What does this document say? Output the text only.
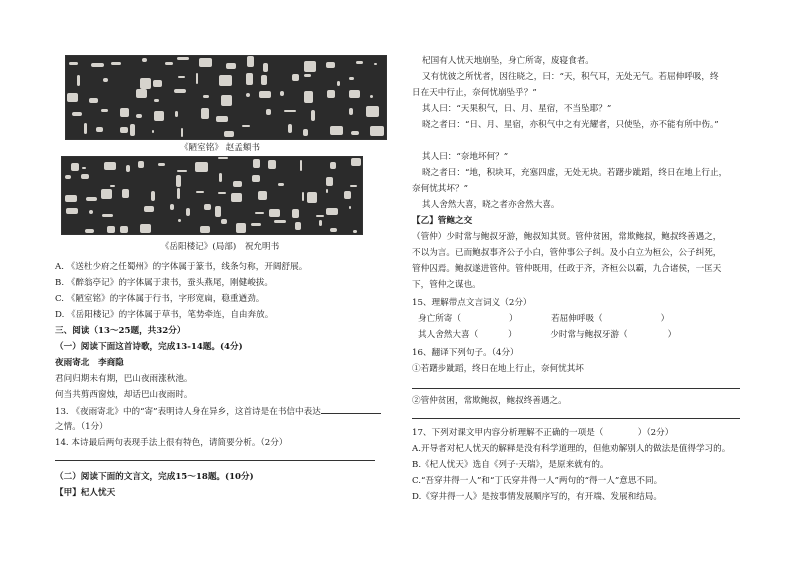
《陋室铭》 赵孟頫书
《岳阳楼记》(局部)　祝允明书
A. 《送杜少府之任蜀州》的字体属于篆书，线条匀称，开阔舒展。
B. 《醉翁亭记》的字体属于隶书，蚕头燕尾，刚健峻拔。
C. 《陋室铭》的字体属于行书，字形宽扁，稳重遒劲。
D. 《岳阳楼记》的字体属于草书，笔势牵连，自由奔放。
三、阅读（13～25题，共32分）
（一）阅读下面这首诗歌，完成13-14题。(4分)
夜雨寄北　李商隐
君问归期未有期，巴山夜雨涨秋池。
何当共剪西窗烛，却话巴山夜雨时。
13. 《夜雨寄北》中的“寄”表明诗人身在异乡，这首诗是在书信中表达
之情。（1分）
14. 本诗最后两句表现手法上很有特色，请简要分析。（2分）
（二）阅读下面的文言文，完成15～18题。(10分)
【甲】杞人忧天
杞国有人忧天地崩坠，身亡所寄，废寝食者。
又有忧彼之所忧者，因往晓之，曰：“天，积气耳，无处无气。若屈伸呼吸，终
日在天中行止，奈何忧崩坠乎？”
其人曰：“天果积气，日、月、星宿，不当坠耶？”
晓之者曰：“日、月、星宿，亦积气中之有光耀者，只使坠，亦不能有所中伤。”
其人曰：“奈地坏何？”
晓之者曰：“地，积块耳，充塞四虚，无处无块。若躇步跐蹈，终日在地上行止，
奈何忧其坏？”
其人舍然大喜，晓之者亦舍然大喜。
【乙】管鲍之交
（管仲）少时常与鲍叔牙游，鲍叔知其贤。管仲贫困，常欺鲍叔，鲍叔终善遇之，
不以为言。已而鲍叔事齐公子小白，管仲事公子纠。及小白立为桓公，公子纠死，
管仲囚焉。鲍叔遂进管仲。管仲既用，任政于齐，齐桓公以霸，九合诸侯，一匡天
下，管仲之谋也。
15、理解带点文言词义（2分）
身亡所寄（	）	若屈伸呼吸（	）
其人舍然大喜（	）	少时常与鲍叔牙游（	）
16、翻译下列句子。（4分）
①若躇步跐蹈，终日在地上行止，奈何忧其坏
②管仲贫困，常欺鲍叔，鲍叔终善遇之。
17、下列对课文甲内容分析理解不正确的一项是（　　　　）（2分）
A.开导者对杞人忧天的解释是没有科学道理的，但他劝解别人的做法是值得学习的。
B.《杞人忧天》选自《列子·天瑞》，是原来就有的。
C.“吾穿井得一人”和“丁氏穿井得一人”两句的“得一人”意思不同。
D.《穿井得一人》是按事情发展顺序写的，有开端、发展和结局。
